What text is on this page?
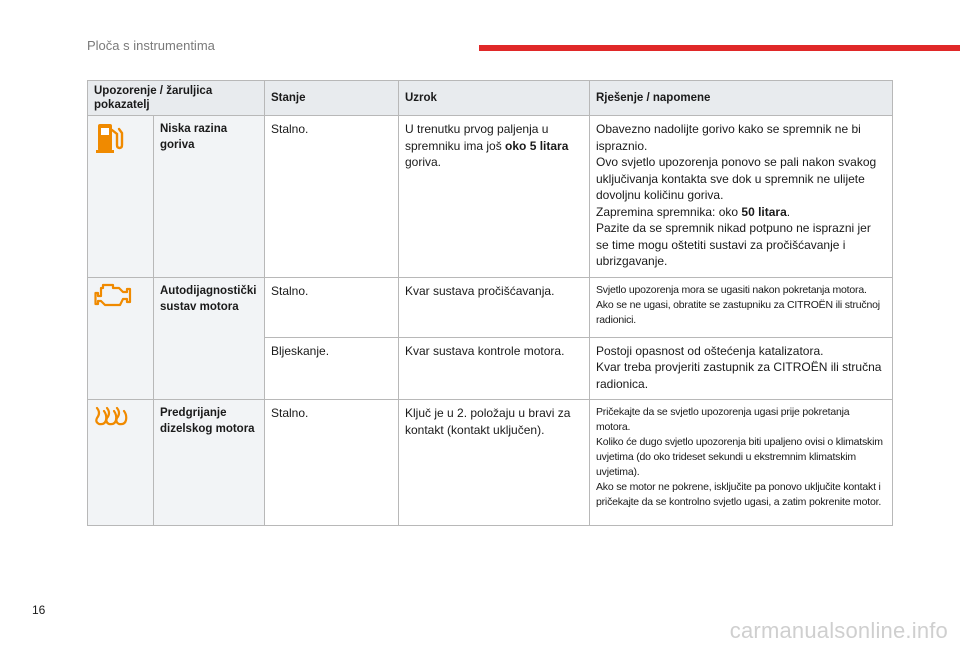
Ploča s instrumentima
Upozorenje / žaruljica pokazatelj		Stanje	Uzrok	Rješenje / napomene

	Niska razina goriva	Stalno.	U trenutku prvog paljenja u spremniku ima još oko 5 litara goriva.	Obavezno nadolijte gorivo kako se spremnik ne bi ispraznio.
Ovo svjetlo upozorenja ponovo se pali nakon svakog uključivanja kontakta sve dok u spremnik ne ulijete dovoljnu količinu goriva.
Zapremina spremnika: oko 50 litara.
Pazite da se spremnik nikad potpuno ne isprazni jer se time mogu oštetiti sustavi za pročišćavanje i ubrizgavanje.

	Autodijagnostički sustav motora	Stalno.	Kvar sustava pročišćavanja.	Svjetlo upozorenja mora se ugasiti nakon pokretanja motora. Ako se ne ugasi, obratite se zastupniku za CITROËN ili stručnoj radionici.
		Bljeskanje.	Kvar sustava kontrole motora.	Postoji opasnost od oštećenja katalizatora.
Kvar treba provjeriti zastupnik za CITROËN ili stručna radionica.

	Predgrijanje dizelskog motora	Stalno.	Ključ je u 2. položaju u bravi za kontakt (kontakt uključen).	Pričekajte da se svjetlo upozorenja ugasi prije pokretanja motora.
Koliko će dugo svjetlo upozorenja biti upaljeno ovisi o klimatskim uvjetima (do oko trideset sekundi u ekstremnim klimatskim uvjetima).
Ako se motor ne pokrene, isključite pa ponovo uključite kontakt i pričekajte da se kontrolno svjetlo ugasi, a zatim pokrenite motor.
16
carmanualsonline.info
